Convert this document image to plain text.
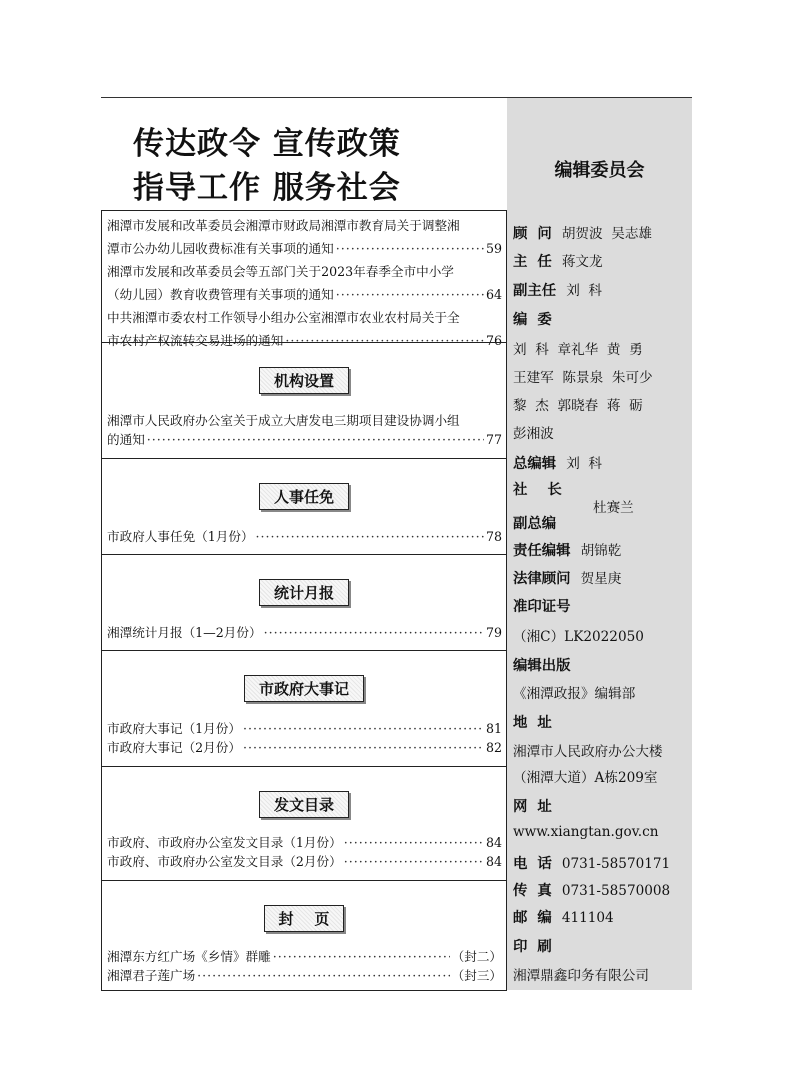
传达政令 宣传政策
指导工作 服务社会
湘潭市发展和改革委员会湘潭市财政局湘潭市教育局关于调整湘
潭市公办幼儿园收费标准有关事项的通知 ·····	59
湘潭市发展和改革委员会等五部门关于2023年春季全市中小学
（幼儿园）教育收费管理有关事项的通知 ·····	64
中共湘潭市委农村工作领导小组办公室湘潭市农业农村局关于全
市农村产权流转交易进场的通知 ·····	76
机构设置
湘潭市人民政府办公室关于成立大唐发电三期项目建设协调小组
的通知 ·····	77
人事任免
市政府人事任免（1月份） ·····	78
统计月报
湘潭统计月报（1—2月份） ·····	79
市政府大事记
市政府大事记（1月份） ·····	81
市政府大事记（2月份） ·····	82
发文目录
市政府、市政府办公室发文目录（1月份） ·····	84
市政府、市政府办公室发文目录（2月份） ·····	84
封    页
湘潭东方红广场《乡情》群雕 ·····	（封二）
湘潭君子莲广场 ·····	（封三）
编辑委员会
顾  问 胡贺波  吴志雄
主  任 蒋文龙
副主任 刘  科
编  委
刘  科  章礼华  黄  勇
王建军  陈景泉  朱可少
黎  杰  郭晓春  蒋  砺
彭湘波
总编辑 刘  科
社    长
杜赛兰
副总编
责任编辑 胡锦乾
法律顾问 贺星庚
准印证号
（湘C）LK2022050
编辑出版
《湘潭政报》编辑部
地  址
湘潭市人民政府办公大楼
（湘潭大道）A栋209室
网  址
www.xiangtan.gov.cn
电  话 0731-58570171
传  真 0731-58570008
邮  编 411104
印  刷
湘潭鼎鑫印务有限公司
